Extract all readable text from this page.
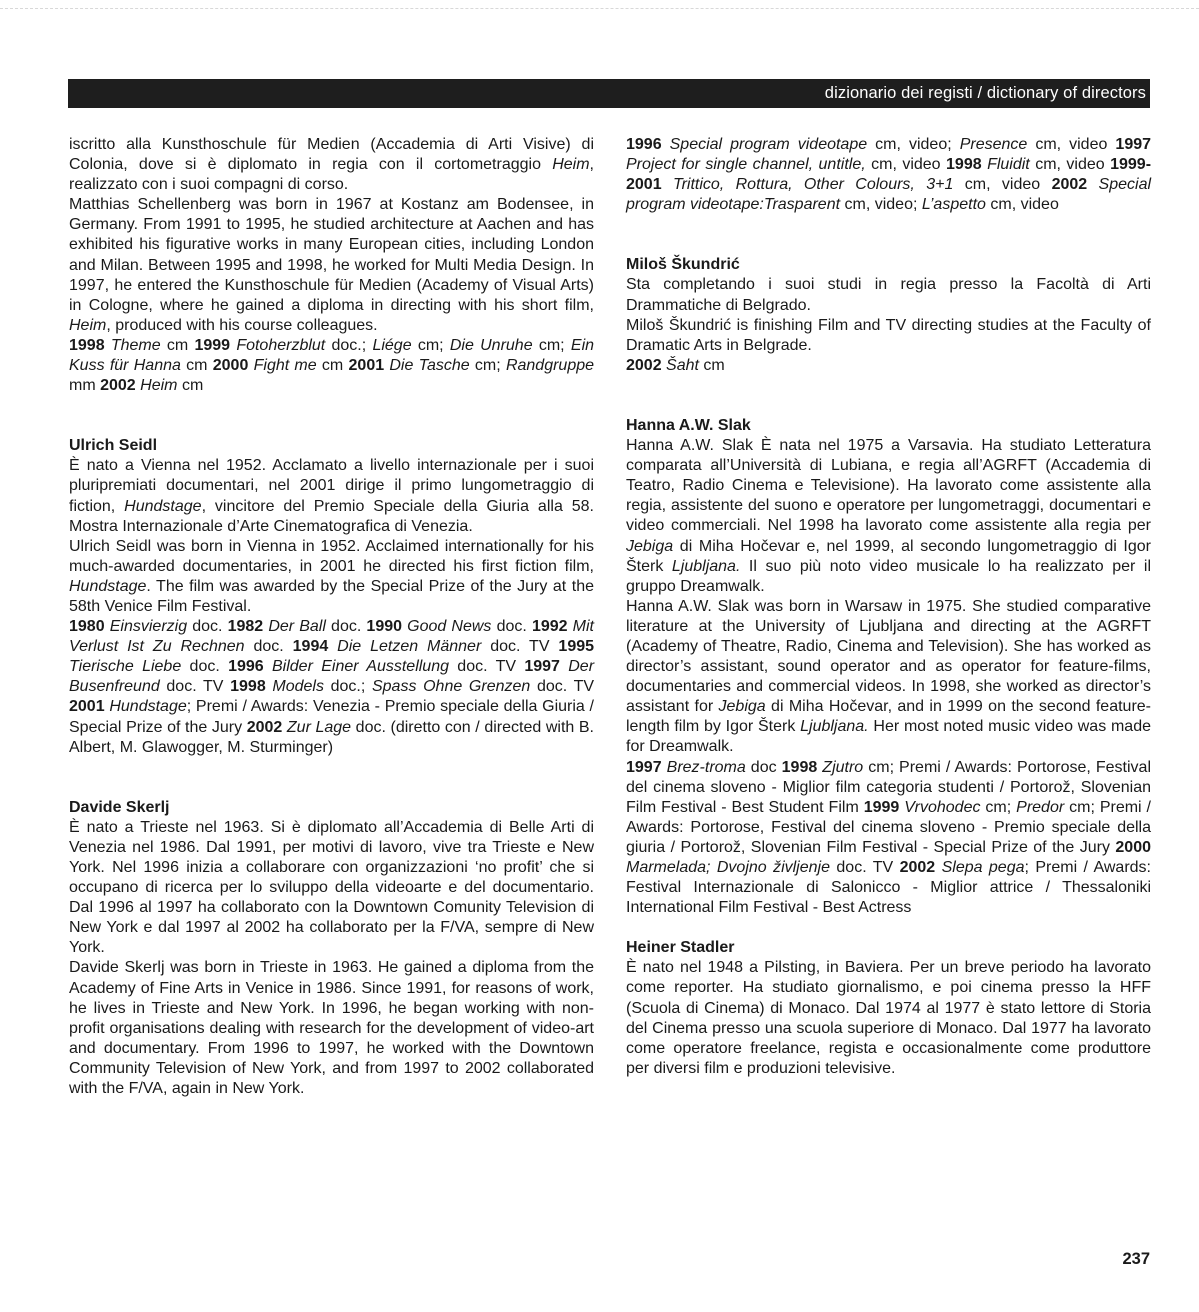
dizionario dei registi / dictionary of directors

iscritto alla Kunsthoschule für Medien (Accademia di Arti Visive) di Colonia, dove si è diplomato in regia con il cortometraggio Heim, realizzato con i suoi compagni di corso.

Matthias Schellenberg was born in 1967 at Kostanz am Bodensee, in Germany. From 1991 to 1995, he studied architecture at Aachen and has exhibited his figurative works in many European cities, including London and Milan. Between 1995 and 1998, he worked for Multi Media Design. In 1997, he entered the Kunsthoschule für Medien (Academy of Visual Arts) in Cologne, where he gained a diploma in directing with his short film, Heim, produced with his course colleagues.

1998 Theme cm 1999 Fotoherzblut doc.; Liége cm; Die Unruhe cm; Ein Kuss für Hanna cm 2000 Fight me cm 2001 Die Tasche cm; Randgruppe mm 2002 Heim cm

Ulrich Seidl

È nato a Vienna nel 1952. Acclamato a livello internazionale per i suoi pluripremiati documentari, nel 2001 dirige il primo lungometraggio di fiction, Hundstage, vincitore del Premio Speciale della Giuria alla 58. Mostra Internazionale d’Arte Cinematografica di Venezia.

Ulrich Seidl was born in Vienna in 1952. Acclaimed internationally for his much-awarded documentaries, in 2001 he directed his first fiction film, Hundstage. The film was awarded by the Special Prize of the Jury at the 58th Venice Film Festival.

1980 Einsvierzig doc. 1982 Der Ball doc. 1990 Good News doc. 1992 Mit Verlust Ist Zu Rechnen doc. 1994 Die Letzen Männer doc. TV 1995 Tierische Liebe doc. 1996 Bilder Einer Ausstellung doc. TV 1997 Der Busenfreund doc. TV 1998 Models doc.; Spass Ohne Grenzen doc. TV 2001 Hundstage; Premi / Awards: Venezia - Premio speciale della Giuria / Special Prize of the Jury 2002 Zur Lage doc. (diretto con / directed with B. Albert, M. Glawogger, M. Sturminger)

Davide Skerlj

È nato a Trieste nel 1963. Si è diplomato all’Accademia di Belle Arti di Venezia nel 1986. Dal 1991, per motivi di lavoro, vive tra Trieste e New York. Nel 1996 inizia a collaborare con organizzazioni ‘no profit’ che si occupano di ricerca per lo sviluppo della videoarte e del documentario. Dal 1996 al 1997 ha collaborato con la Downtown Comunity Television di New York e dal 1997 al 2002 ha collaborato per la F/VA, sempre di New York.

Davide Skerlj was born in Trieste in 1963. He gained a diploma from the Academy of Fine Arts in Venice in 1986. Since 1991, for reasons of work, he lives in Trieste and New York. In 1996, he began working with non-profit organisations dealing with research for the development of video-art and documentary. From 1996 to 1997, he worked with the Downtown Community Television of New York, and from 1997 to 2002 collaborated with the F/VA, again in New York.

1996 Special program videotape cm, video; Presence cm, video 1997 Project for single channel, untitle, cm, video 1998 Fluidit cm, video 1999-2001 Trittico, Rottura, Other Colours, 3+1 cm, video 2002 Special program videotape:Trasparent cm, video; L’aspetto cm, video

Miloš Škundrić

Sta completando i suoi studi in regia presso la Facoltà di Arti Drammatiche di Belgrado.

Miloš Škundrić is finishing Film and TV directing studies at the Faculty of Dramatic Arts in Belgrade.

2002 Šaht cm

Hanna A.W. Slak

Hanna A.W. Slak È nata nel 1975 a Varsavia. Ha studiato Letteratura comparata all’Università di Lubiana, e regia all’AGRFT (Accademia di Teatro, Radio Cinema e Televisione). Ha lavorato come assistente alla regia, assistente del suono e operatore per lungometraggi, documentari e video commerciali. Nel 1998 ha lavorato come assistente alla regia per Jebiga di Miha Hočevar e, nel 1999, al secondo lungometraggio di Igor Šterk Ljubljana. Il suo più noto video musicale lo ha realizzato per il gruppo Dreamwalk.

Hanna A.W. Slak was born in Warsaw in 1975. She studied comparative literature at the University of Ljubljana and directing at the AGRFT (Academy of Theatre, Radio, Cinema and Television). She has worked as director’s assistant, sound operator and as operator for feature-films, documentaries and commercial videos. In 1998, she worked as director’s assistant for Jebiga di Miha Hočevar, and in 1999 on the second feature-length film by Igor Šterk Ljubljana. Her most noted music video was made for Dreamwalk.

1997 Brez-troma doc 1998 Zjutro cm; Premi / Awards: Portorose, Festival del cinema sloveno - Miglior film categoria studenti / Portorož, Slovenian Film Festival - Best Student Film 1999 Vrvohodec cm; Predor cm; Premi / Awards: Portorose, Festival del cinema sloveno - Premio speciale della giuria / Portorož, Slovenian Film Festival - Special Prize of the Jury 2000 Marmelada; Dvojno življenje doc. TV 2002 Slepa pega; Premi / Awards: Festival Internazionale di Salonicco - Miglior attrice / Thessaloniki International Film Festival - Best Actress

Heiner Stadler

È nato nel 1948 a Pilsting, in Baviera. Per un breve periodo ha lavorato come reporter. Ha studiato giornalismo, e poi cinema presso la HFF (Scuola di Cinema) di Monaco. Dal 1974 al 1977 è stato lettore di Storia del Cinema presso una scuola superiore di Monaco. Dal 1977 ha lavorato come operatore freelance, regista e occasionalmente come produttore per diversi film e produzioni televisive.

237
